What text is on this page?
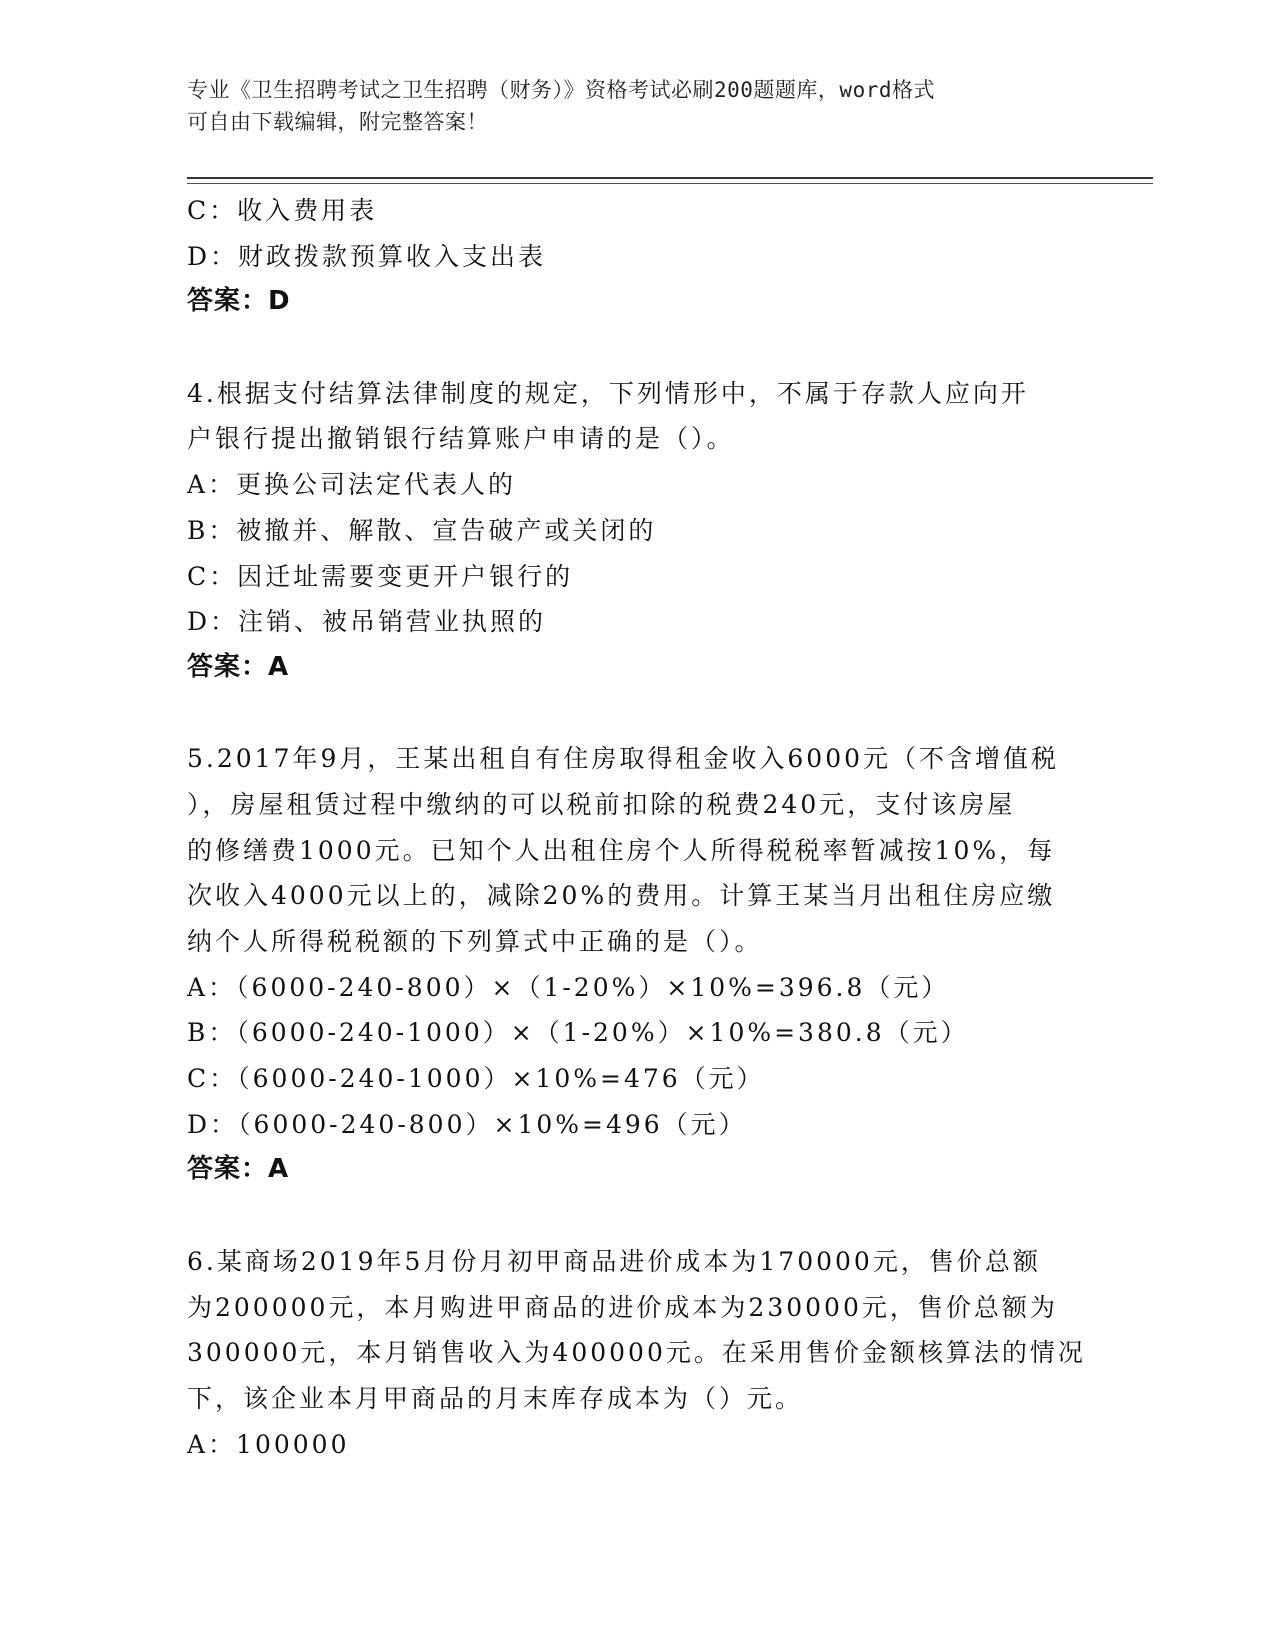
专业《卫生招聘考试之卫生招聘（财务）》资格考试必刷200题题库，word格式
可自由下载编辑，附完整答案！
C：收入费用表
D：财政拨款预算收入支出表
答案：D
4.根据支付结算法律制度的规定，下列情形中，不属于存款人应向开
户银行提出撤销银行结算账户申请的是（）。
A：更换公司法定代表人的
B：被撤并、解散、宣告破产或关闭的
C：因迁址需要变更开户银行的
D：注销、被吊销营业执照的
答案：A
5.2017年9月，王某出租自有住房取得租金收入6000元（不含增值税
），房屋租赁过程中缴纳的可以税前扣除的税费240元，支付该房屋
的修缮费1000元。已知个人出租住房个人所得税税率暂减按10%，每
次收入4000元以上的，减除20%的费用。计算王某当月出租住房应缴
纳个人所得税税额的下列算式中正确的是（）。
A：（6000-240-800）×（1-20%）×10%=396.8（元）
B：（6000-240-1000）×（1-20%）×10%=380.8（元）
C：（6000-240-1000）×10%=476（元）
D：（6000-240-800）×10%=496（元）
答案：A
6.某商场2019年5月份月初甲商品进价成本为170000元，售价总额
为200000元，本月购进甲商品的进价成本为230000元，售价总额为
300000元，本月销售收入为400000元。在采用售价金额核算法的情况
下，该企业本月甲商品的月末库存成本为（）元。
A：100000
